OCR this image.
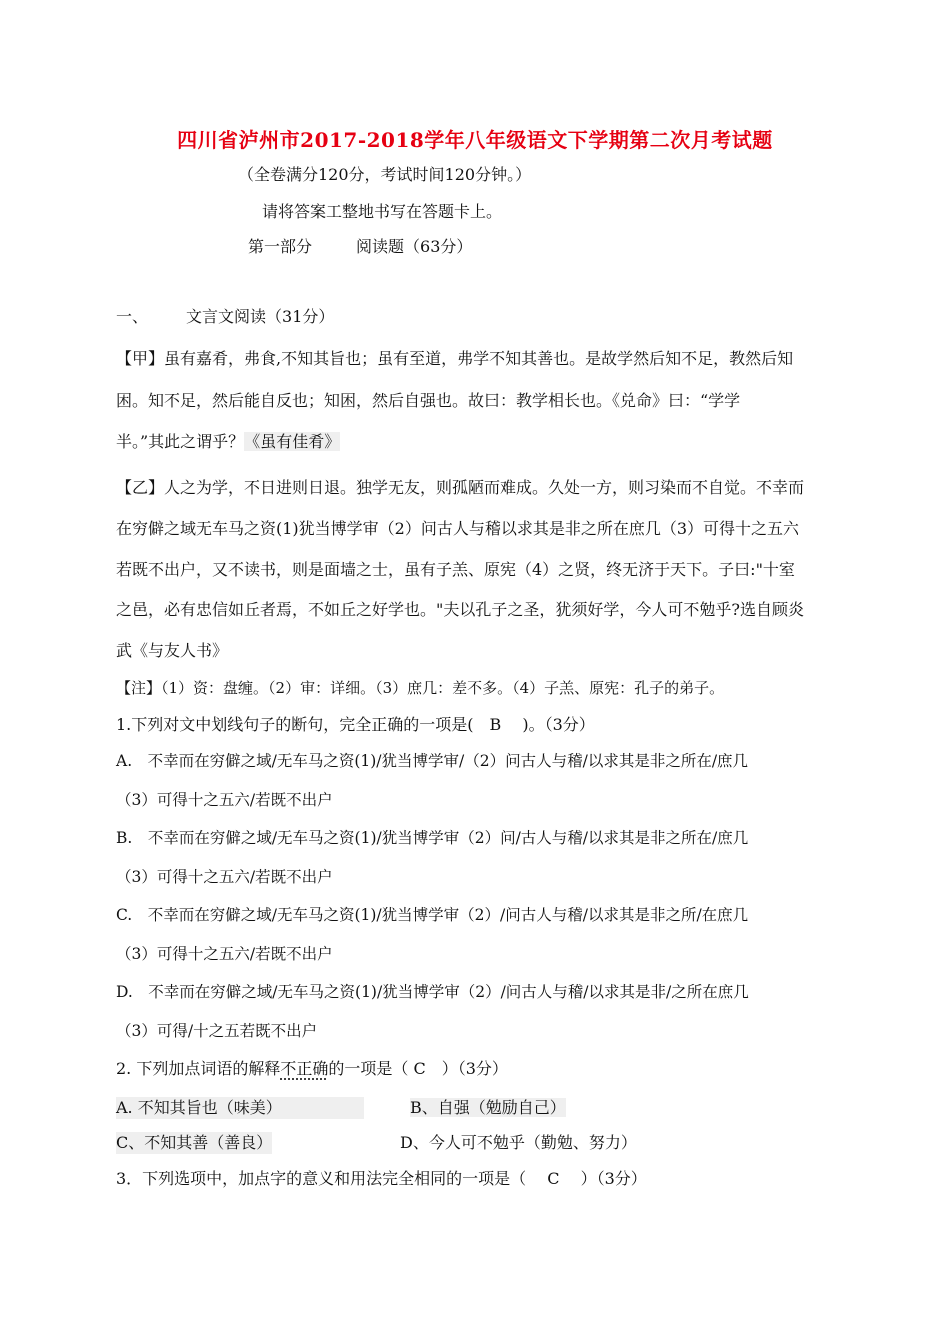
四川省泸州市2017-2018学年八年级语文下学期第二次月考试题
（全卷满分120分，考试时间120分钟。）
请将答案工整地书写在答题卡上。
第一部分	阅读题（63分）
一、 文言文阅读（31分）
【甲】虽有嘉肴，弗食,不知其旨也；虽有至道，弗学不知其善也。是故学然后知不足，教然后知
困。知不足，然后能自反也；知困，然后自强也。故曰：教学相长也。《兑命》曰：“学学
半。”其此之谓乎？《虽有佳肴》
【乙】人之为学，不日进则日退。独学无友，则孤陋而难成。久处一方，则习染而不自觉。不幸而
在穷僻之域无车马之资(1)犹当博学审（2）问古人与稽以求其是非之所在庶几（3）可得十之五六
若既不出户，又不读书，则是面墙之士，虽有子羔、原宪（4）之贤，终无济于天下。子曰:"十室
之邑，必有忠信如丘者焉，不如丘之好学也。"夫以孔子之圣，犹须好学，今人可不勉乎?选自顾炎
武《与友人书》
【注】（1）资：盘缠。（2）审：详细。（3）庶几：差不多。（4）子羔、原宪：孔子的弟子。
1.下列对文中划线句子的断句，完全正确的一项是(　B　 )。（3分）
A.　不幸而在穷僻之域/无车马之资(1)/犹当博学审/（2）问古人与稽/以求其是非之所在/庶几
（3）可得十之五六/若既不出户
B.　不幸而在穷僻之域/无车马之资(1)/犹当博学审（2）问/古人与稽/以求其是非之所在/庶几
（3）可得十之五六/若既不出户
C.　不幸而在穷僻之域/无车马之资(1)/犹当博学审（2）/问古人与稽/以求其是非之所/在庶几
（3）可得十之五六/若既不出户
D.　不幸而在穷僻之域/无车马之资(1)/犹当博学审（2）/问古人与稽/以求其是非/之所在庶几
（3）可得/十之五若既不出户
2. 下列加点词语的解释不正确的一项是（ C　）（3分）
A. 不知其旨也（味美）	B、自强（勉励自己）
C、不知其善（善良）	D、今人可不勉乎（勤勉、努力）
3．下列选项中，加点字的意义和用法完全相同的一项是（　 C　 ）（3分）
